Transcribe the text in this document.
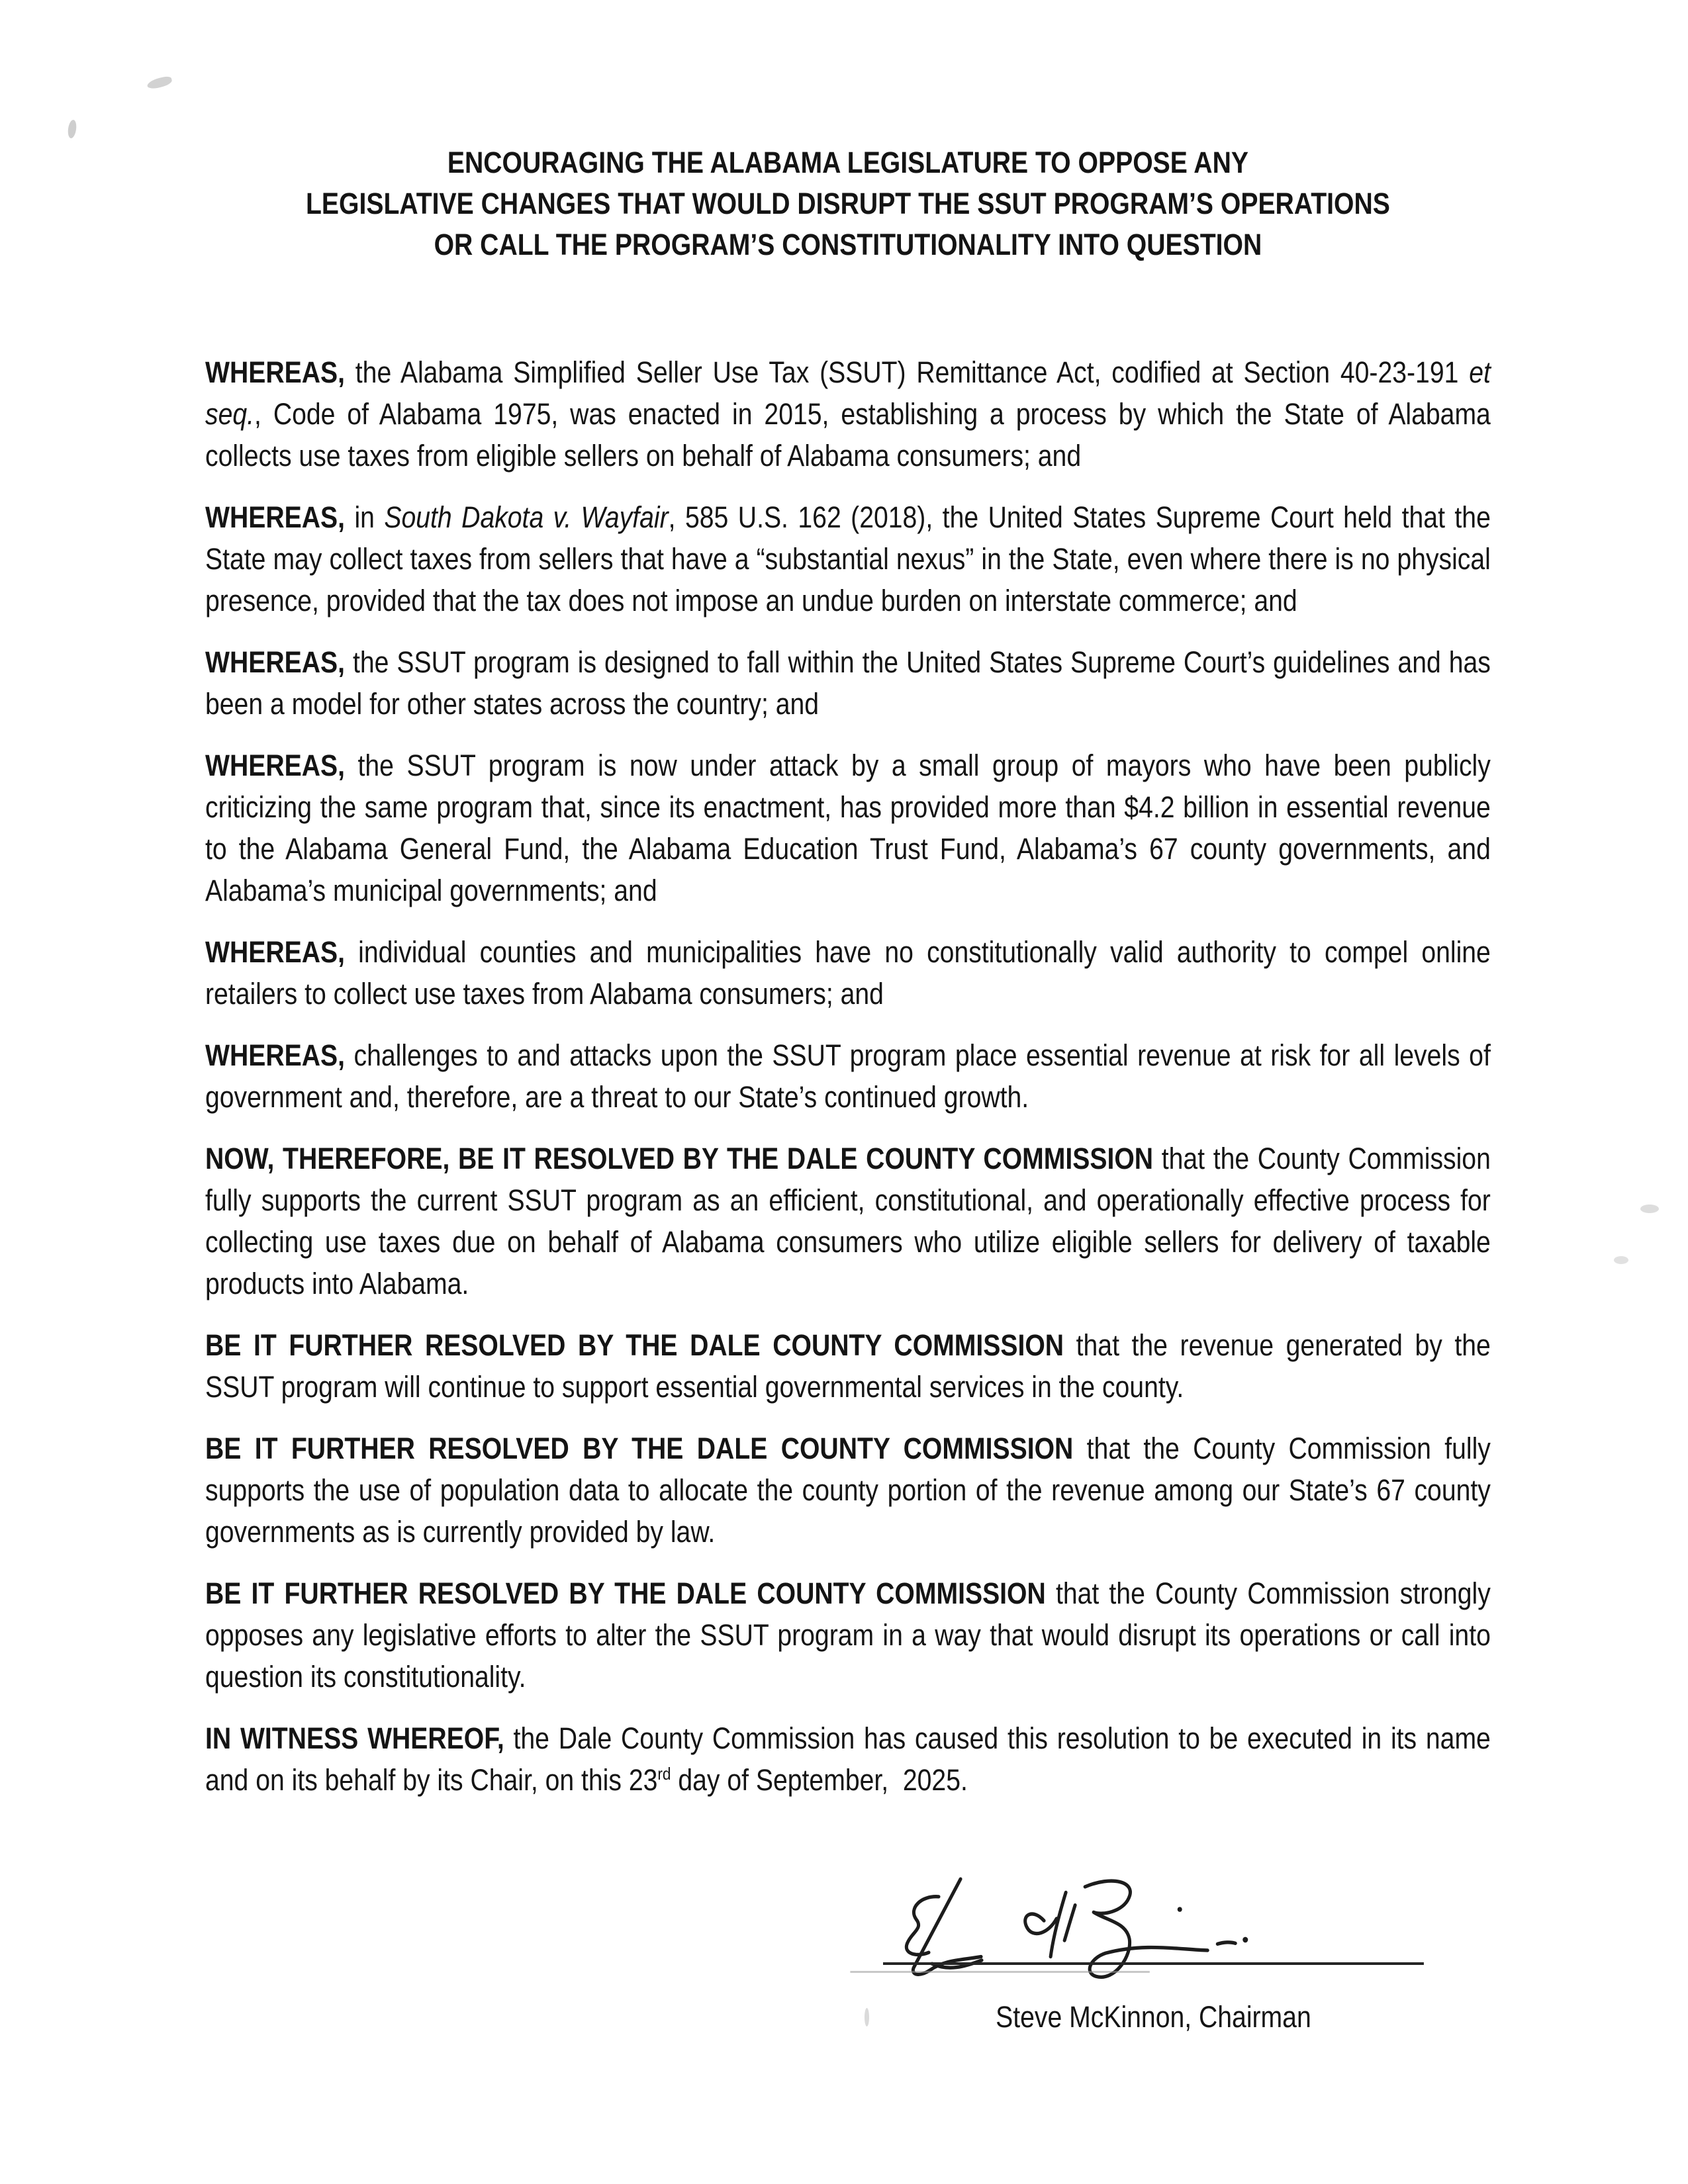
ENCOURAGING THE ALABAMA LEGISLATURE TO OPPOSE ANY
LEGISLATIVE CHANGES THAT WOULD DISRUPT THE SSUT PROGRAM’S OPERATIONS
OR CALL THE PROGRAM’S CONSTITUTIONALITY INTO QUESTION

WHEREAS, the Alabama Simplified Seller Use Tax (SSUT) Remittance Act, codified at Section 40-23-191 et seq., Code of Alabama 1975, was enacted in 2015, establishing a process by which the State of Alabama collects use taxes from eligible sellers on behalf of Alabama consumers; and

WHEREAS, in South Dakota v. Wayfair, 585 U.S. 162 (2018), the United States Supreme Court held that the State may collect taxes from sellers that have a “substantial nexus” in the State, even where there is no physical presence, provided that the tax does not impose an undue burden on interstate commerce; and

WHEREAS, the SSUT program is designed to fall within the United States Supreme Court’s guidelines and has been a model for other states across the country; and

WHEREAS, the SSUT program is now under attack by a small group of mayors who have been publicly criticizing the same program that, since its enactment, has provided more than $4.2 billion in essential revenue to the Alabama General Fund, the Alabama Education Trust Fund, Alabama’s 67 county governments, and Alabama’s municipal governments; and

WHEREAS, individual counties and municipalities have no constitutionally valid authority to compel online retailers to collect use taxes from Alabama consumers; and

WHEREAS, challenges to and attacks upon the SSUT program place essential revenue at risk for all levels of government and, therefore, are a threat to our State’s continued growth.

NOW, THEREFORE, BE IT RESOLVED BY THE DALE COUNTY COMMISSION that the County Commission fully supports the current SSUT program as an efficient, constitutional, and operationally effective process for collecting use taxes due on behalf of Alabama consumers who utilize eligible sellers for delivery of taxable products into Alabama.

BE IT FURTHER RESOLVED BY THE DALE COUNTY COMMISSION that the revenue generated by the SSUT program will continue to support essential governmental services in the county.

BE IT FURTHER RESOLVED BY THE DALE COUNTY COMMISSION that the County Commission fully supports the use of population data to allocate the county portion of the revenue among our State’s 67 county governments as is currently provided by law.

BE IT FURTHER RESOLVED BY THE DALE COUNTY COMMISSION that the County Commission strongly opposes any legislative efforts to alter the SSUT program in a way that would disrupt its operations or call into question its constitutionality.

IN WITNESS WHEREOF, the Dale County Commission has caused this resolution to be executed in its name and on its behalf by its Chair, on this 23rd day of September,  2025.

Steve McKinnon, Chairman
